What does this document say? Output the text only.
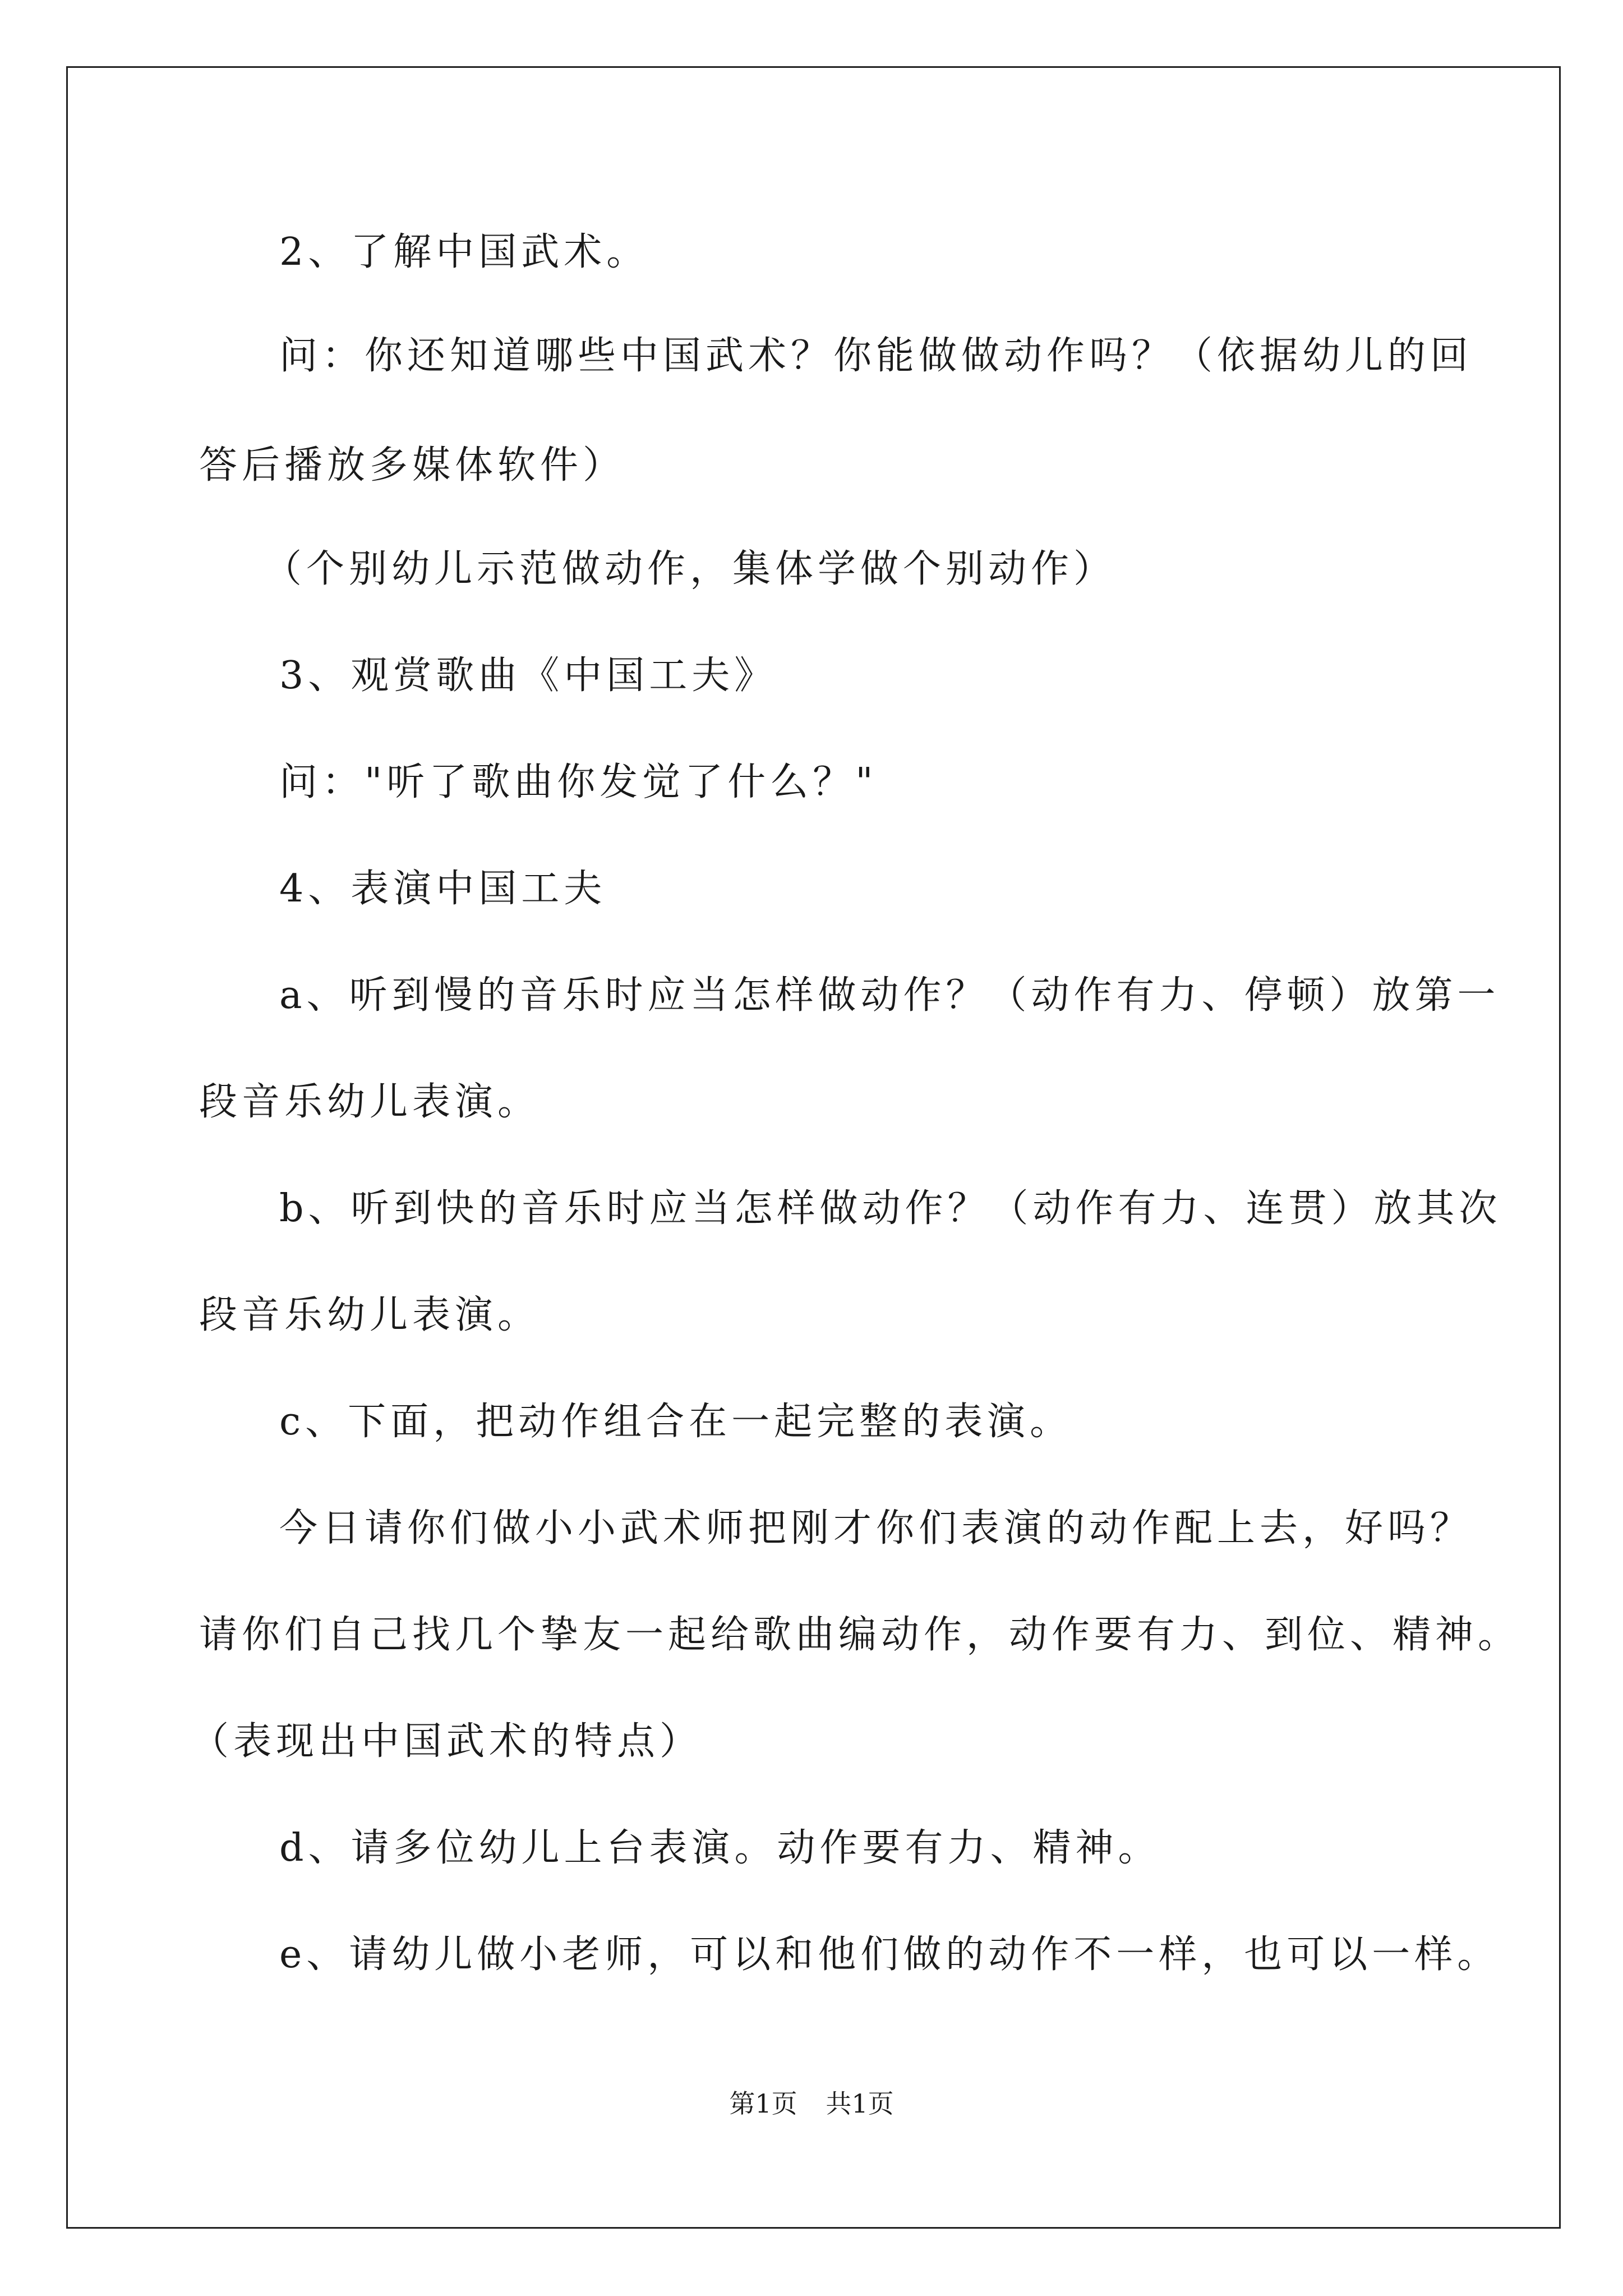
2、了解中国武术。
问：你还知道哪些中国武术？你能做做动作吗？（依据幼儿的回
答后播放多媒体软件）
（个别幼儿示范做动作，集体学做个别动作）
3、观赏歌曲《中国工夫》
问："听了歌曲你发觉了什么？"
4、表演中国工夫
a、听到慢的音乐时应当怎样做动作？（动作有力、停顿）放第一
段音乐幼儿表演。
b、听到快的音乐时应当怎样做动作？（动作有力、连贯）放其次
段音乐幼儿表演。
c、下面，把动作组合在一起完整的表演。
今日请你们做小小武术师把刚才你们表演的动作配上去，好吗？
请你们自己找几个挚友一起给歌曲编动作，动作要有力、到位、精神。
（表现出中国武术的特点）
d、请多位幼儿上台表演。动作要有力、精神。
e、请幼儿做小老师，可以和他们做的动作不一样，也可以一样。
第1页 共1页
